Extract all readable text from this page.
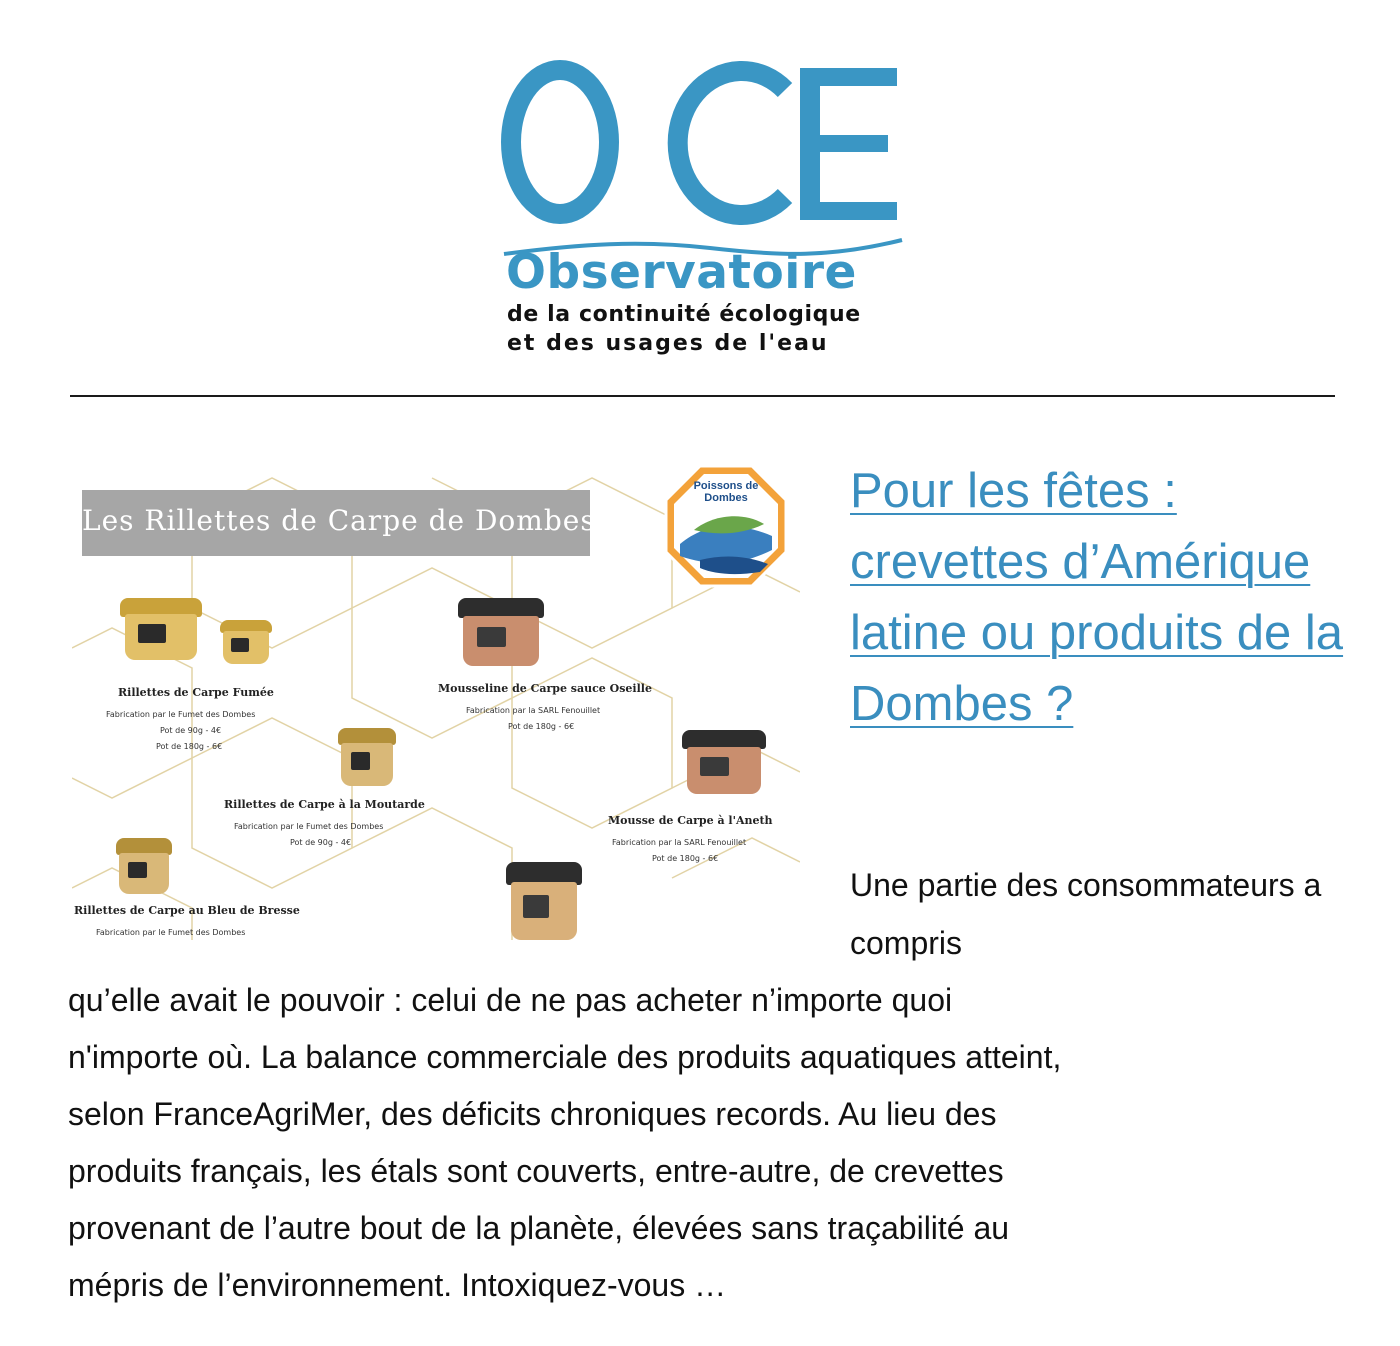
Observatoire
de la continuité écologique
et des usages de l'eau
Les Rillettes de Carpe de Dombes
Poissons de Dombes
Rillettes de Carpe Fumée
Fabrication par le Fumet des Dombes
Pot de 90g - 4€
Pot de 180g - 6€
Mousseline de Carpe sauce Oseille
Fabrication par la SARL Fenouillet
Pot de 180g - 6€
Rillettes de Carpe à la Moutarde
Fabrication par le Fumet des Dombes
Pot de 90g - 4€
Mousse de Carpe à l'Aneth
Fabrication par la SARL Fenouillet
Pot de 180g - 6€
Rillettes de Carpe au Bleu de Bresse
Fabrication par le Fumet des Dombes
Pour les fêtes : crevettes d’Amérique latine ou produits de la Dombes ?
Une partie des consommateurs a compris
qu’elle avait le pouvoir : celui de ne pas acheter n’importe quoi
n'importe où. La balance commerciale des produits aquatiques atteint,
selon FranceAgriMer, des déficits chroniques records. Au lieu des
produits français, les étals sont couverts, entre-autre, de crevettes
provenant de l’autre bout de la planète, élevées sans traçabilité au
mépris de l’environnement. Intoxiquez-vous …
